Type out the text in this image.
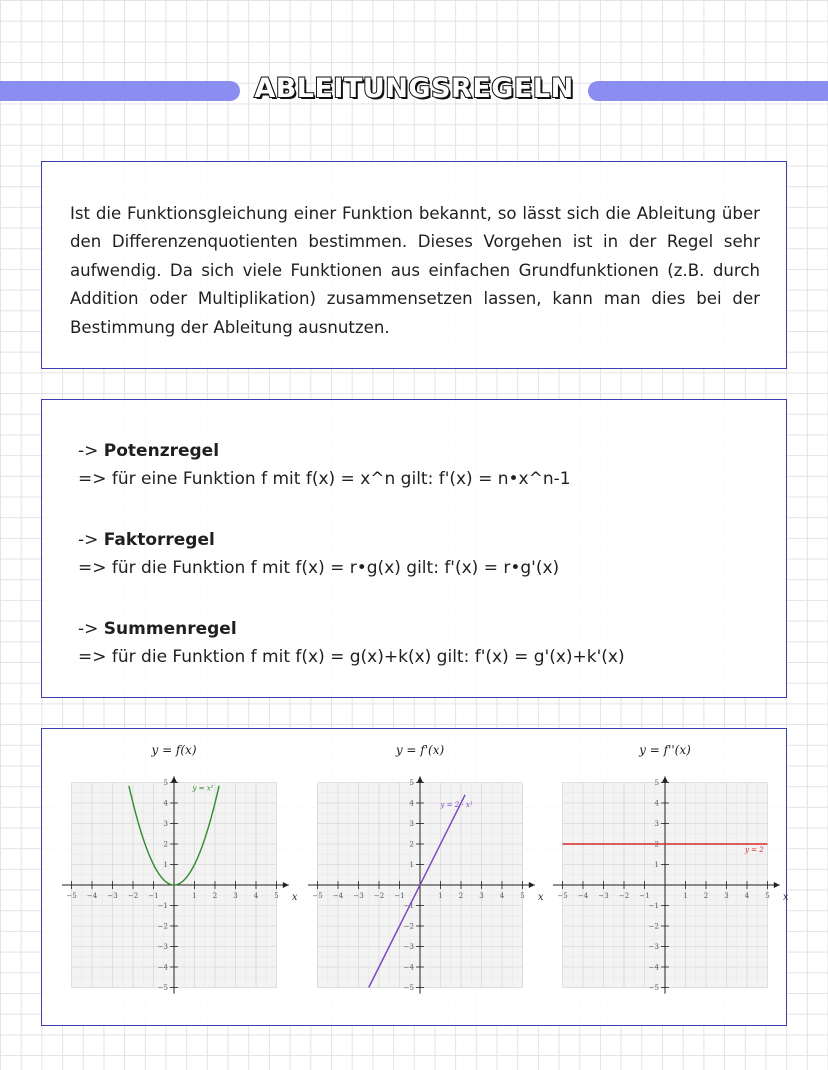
ABLEITUNGSREGELN
Ist die Funktionsgleichung einer Funktion bekannt, so lässt sich die Ableitung über den Differenzenquotienten bestimmen. Dieses Vorgehen ist in der Regel sehr aufwendig. Da sich viele Funktionen aus einfachen Grundfunktionen (z.B. durch Addition oder Multiplikation) zusammensetzen lassen, kann man dies bei der Bestimmung der Ableitung ausnutzen.
-> Potenzregel
=> für eine Funktion f mit f(x) = x^n gilt: f'(x) = n•x^n-1
-> Faktorregel
=> für die Funktion f mit f(x) = r•g(x) gilt: f'(x) = r•g'(x)
-> Summenregel
=> für die Funktion f mit f(x) = g(x)+k(x) gilt: f'(x) = g'(x)+k'(x)
−5
−5
−4
−4
−3
−3
−2
−2
−1
−1
1
1
2
2
3
3
4
4
5
5
x
y = f(x)
y = x²
−5
−5
−4
−4
−3
−3
−2
−2
−1
−1
1
1
2
2
3
3
4
4
5
5
x
y = f'(x)
y = 2 · x¹
−5
−5
−4
−4
−3
−3
−2
−2
−1
−1
1
1
2
2
3
3
4
4
5
5
x
y = f''(x)
y = 2
